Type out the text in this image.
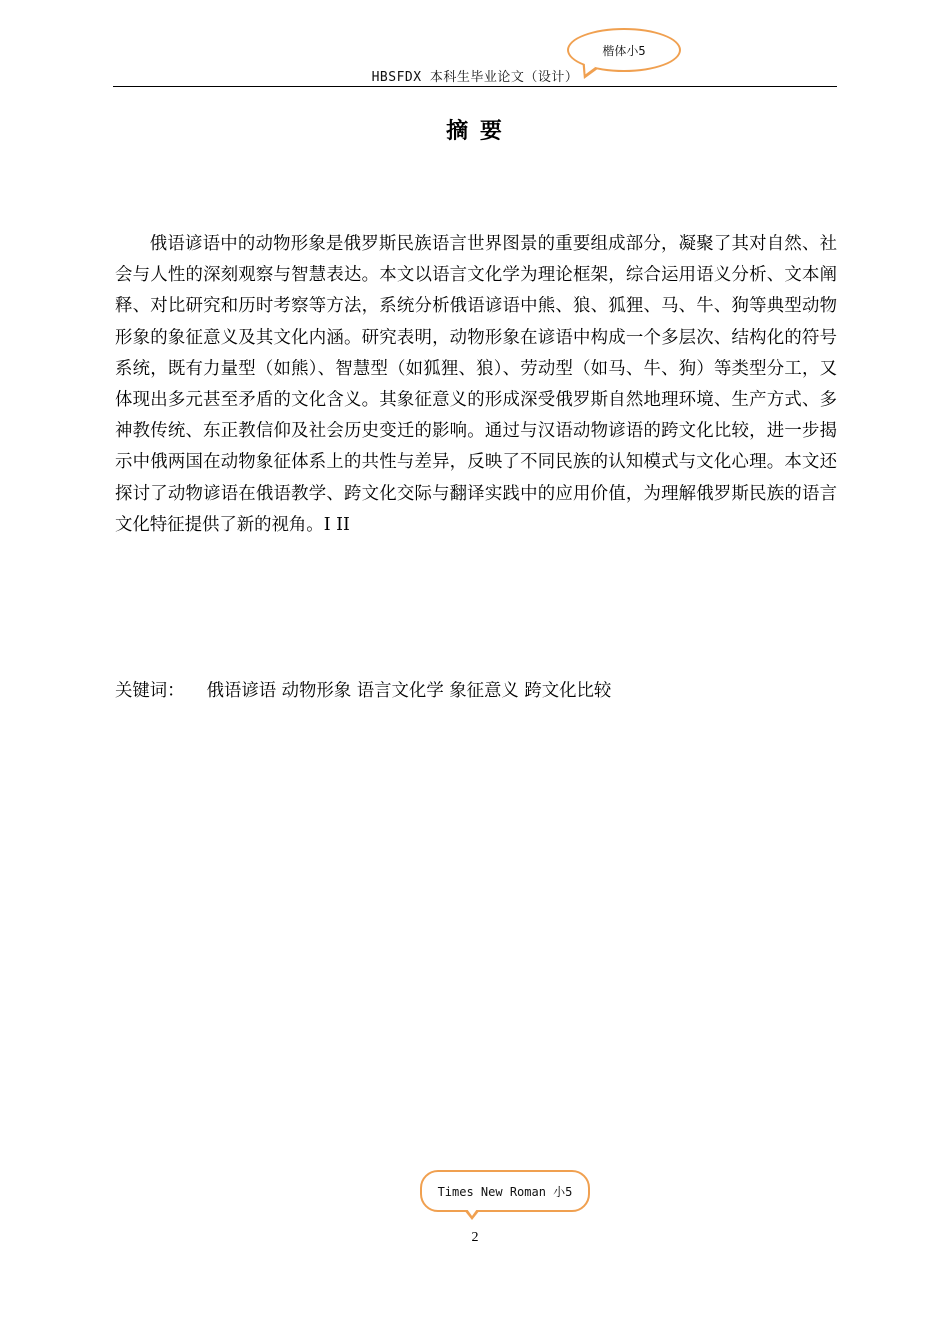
HBSFDX 本科生毕业论文（设计）
楷体小5
摘 要

俄语谚语中的动物形象是俄罗斯民族语言世界图景的重要组成部分，凝聚了其对自然、社会与人性的深刻观察与智慧表达。本文以语言文化学为理论框架，综合运用语义分析、文本阐释、对比研究和历时考察等方法，系统分析俄语谚语中熊、狼、狐狸、马、牛、狗等典型动物形象的象征意义及其文化内涵。研究表明，动物形象在谚语中构成一个多层次、结构化的符号系统，既有力量型（如熊）、智慧型（如狐狸、狼）、劳动型（如马、牛、狗）等类型分工，又体现出多元甚至矛盾的文化含义。其象征意义的形成深受俄罗斯自然地理环境、生产方式、多神教传统、东正教信仰及社会历史变迁的影响。通过与汉语动物谚语的跨文化比较，进一步揭示中俄两国在动物象征体系上的共性与差异，反映了不同民族的认知模式与文化心理。本文还探讨了动物谚语在俄语教学、跨文化交际与翻译实践中的应用价值，为理解俄罗斯民族的语言文化特征提供了新的视角。I II

关键词： 俄语谚语 动物形象 语言文化学 象征意义 跨文化比较
Times New Roman 小5
2
